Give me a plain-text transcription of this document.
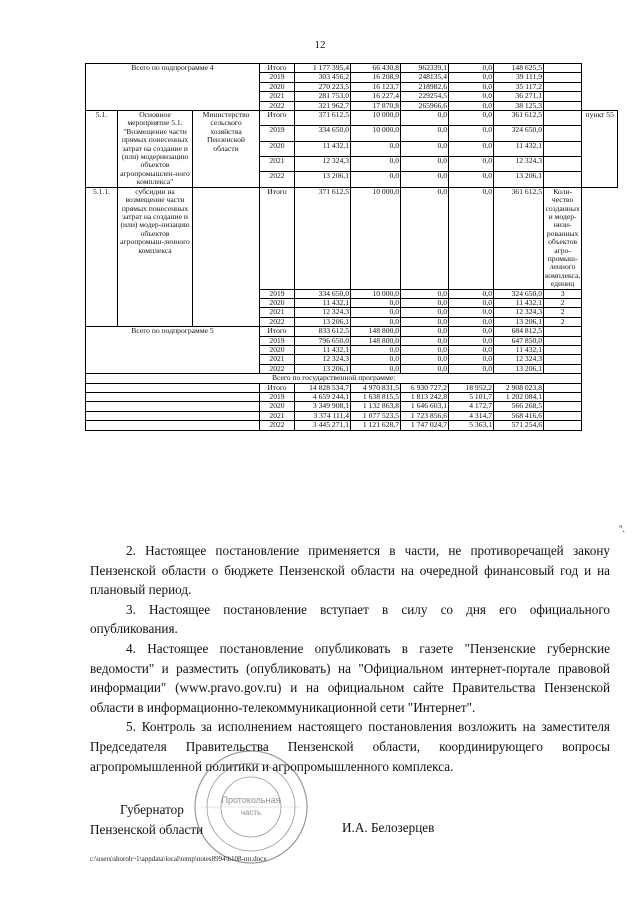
12
Всего по подпрограмме 4			Итого	1 177 395,4	66 430,8	962339,1	0,0	148 625,5		
			2019	303 456,2	16 208,9	248135,4	0,0	39 111,9		
			2020	270 223,5	16 123,7	218982,6	0,0	35 117,2		
			2021	281 753,0	16 227,4	229254,5	0,0	36 271,1		
			2022	321 962,7	17 870,8	265966,6	0,0	38 125,3		
5.1.	Основное мероприятие 5.1. "Возмещение части прямых понесенных затрат на создание и (или) модернизацию объектов агропромышлен-ного комплекса"	Министерство сельского хозяйства Пензенской области	Итого	371 612,5	10 000,0	0,0	0,0	361 612,5		пункт 55
			2019	334 650,0	10 000,0	0,0	0,0	324 650,0		
			2020	11 432,1	0,0	0,0	0,0	11 432,1		
			2021	12 324,3	0,0	0,0	0,0	12 324,3		
			2022	13 206,1	0,0	0,0	0,0	13 206,1		
5.1.1.	субсидии на возмещение части прямых понесенных затрат на создание и (или) модер-низацию объектов агропромыш-ленного комплекса		Итого	371 612,5	10 000,0	0,0	0,0	361 612,5	Коли-чество созданных и модер-низи-рованных объектов агро-промыш-ленного комплекса, единиц	
			2019	334 650,0	10 000,0	0,0	0,0	324 650,0	3	
			2020	11 432,1	0,0	0,0	0,0	11 432,1	2	
			2021	12 324,3	0,0	0,0	0,0	12 324,3	2	
			2022	13 206,1	0,0	0,0	0,0	13 206,1	2	
Всего по подпрограмме 5			Итого	833 612,5	148 800,0	0,0	0,0	684 812,5		
			2019	796 650,0	148 800,0	0,0	0,0	647 850,0		
			2020	11 432,1	0,0	0,0	0,0	11 432,1		
			2021	12 324,3	0,0	0,0	0,0	12 324,3		
			2022	13 206,1	0,0	0,0	0,0	13 206,1		
Всего по государственной программе:										
			Итого	14 828 534,7	4 970 831,5	6 930 727,2	18 952,2	2 908 023,8		
			2019	4 659 244,1	1 638 815,5	1 813 242,8	5 101,7	1 202 084,1		
			2020	3 349 908,1	1 132 863,8	1 646 603,1	4 172,7	566 268,5		
			2021	3 374 111,4	1 077 523,5	1 723 856,6	4 314,7	568 416,6		
			2022	3 445 271,1	1 121 628,7	1 747 024,7	5 363,1	571 254,6		
".

2. Настоящее постановление применяется в части, не противоречащей закону Пензенской области о бюджете Пензенской области на очередной финансовый год и на плановый период.

3. Настоящее постановление вступает в силу со дня его официального опубликования.

4. Настоящее постановление опубликовать в газете "Пензенские губернские ведомости" и разместить (опубликовать) на "Официальном интернет-портале правовой информации" (www.pravo.gov.ru) и на официальном сайте Правительства Пензенской области в информационно-телекоммуникационной сети "Интернет".

5. Контроль за исполнением настоящего постановления возложить на заместителя Председателя Правительства Пензенской области, координирующего вопросы агропромышленной политики и агропромышленного комплекса.

Протокольная
часть
Губернатор
Пензенской области	И.А. Белозерцев
c:\users\shoroh~1\appdata\local\temp\notes8994\b108-пп.docx
